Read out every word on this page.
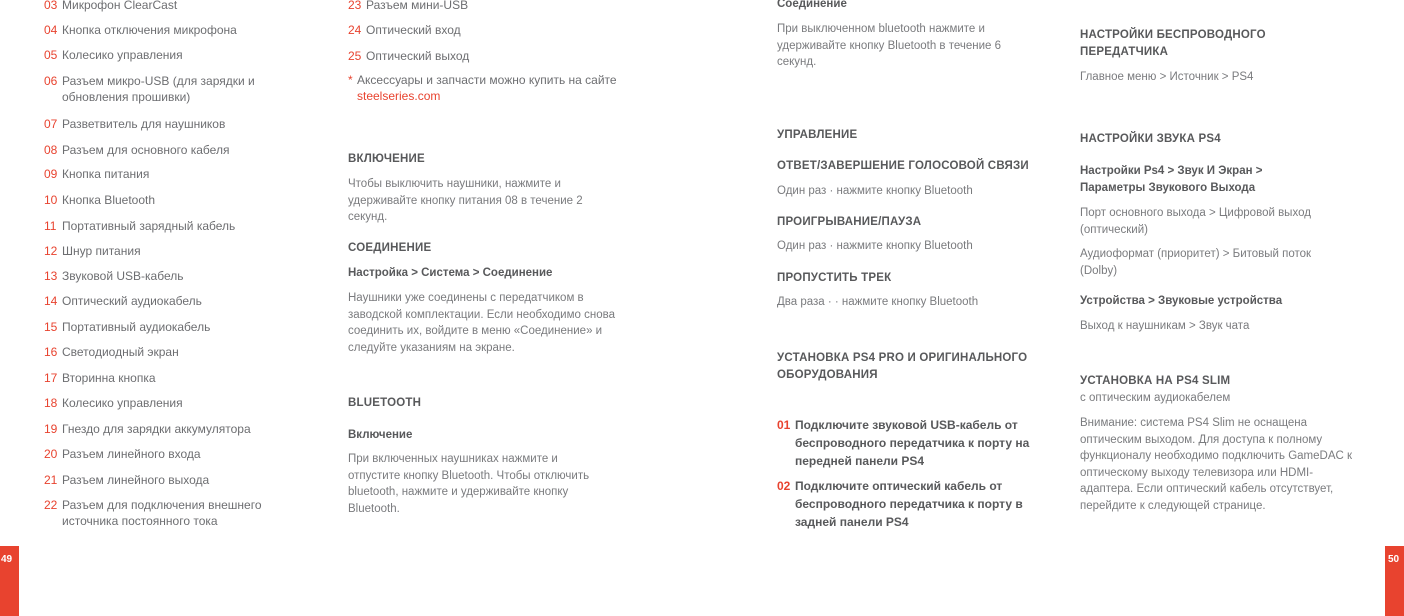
03 Микрофон ClearCast
04 Кнопка отключения микрофона
05 Колесико управления
06 Разъем микро-USB (для зарядки и обновления прошивки)
07 Разветвитель для наушников
08 Разъем для основного кабеля
09 Кнопка питания
10 Кнопка Bluetooth
11 Портативный зарядный кабель
12 Шнур питания
13 Звуковой USB-кабель
14 Оптический аудиокабель
15 Портативный аудиокабель
16 Светодиодный экран
17 Вторинна кнопка
18 Колесико управления
19 Гнездо для зарядки аккумулятора
20 Разъем линейного входа
21 Разъем линейного выхода
22 Разъем для подключения внешнего источника постоянного тока
23 Разъем мини-USB
24 Оптический вход
25 Оптический выход
* Аксессуары и запчасти можно купить на сайте
steelseries.com
ВКЛЮЧЕНИЕ
Чтобы выключить наушники, нажмите и удерживайте кнопку питания 08 в течение 2 секунд.
СОЕДИНЕНИЕ
Настройка > Система > Соединение
Наушники уже соединены с передатчиком в заводской комплектации. Если необходимо снова соединить их, войдите в меню «Соединение» и следуйте указаниям на экране.
BLUETOOTH
Включение
При включенных наушниках нажмите и отпустите кнопку Bluetooth. Чтобы отключить bluetooth, нажмите и удерживайте кнопку Bluetooth.
Соединение
При выключенном bluetooth нажмите и удерживайте кнопку Bluetooth в течение 6 секунд.
УПРАВЛЕНИЕ
ОТВЕТ/ЗАВЕРШЕНИЕ ГОЛОСОВОЙ СВЯЗИ
Один раз · нажмите кнопку Bluetooth
ПРОИГРЫВАНИЕ/ПАУЗА
Один раз · нажмите кнопку Bluetooth
ПРОПУСТИТЬ ТРЕК
Два раза · · нажмите кнопку Bluetooth
УСТАНОВКА PS4 PRO И ОРИГИНАЛЬНОГО ОБОРУДОВАНИЯ
01 Подключите звуковой USB-кабель от беспроводного передатчика к порту на передней панели PS4
02 Подключите оптический кабель от беспроводного передатчика к порту в задней панели PS4
НАСТРОЙКИ БЕСПРОВОДНОГО ПЕРЕДАТЧИКА
Главное меню > Источник > PS4
НАСТРОЙКИ ЗВУКА PS4
Настройки Ps4 > Звук И Экран > Параметры Звукового Выхода
Порт основного выхода > Цифровой выход (оптический)
Аудиоформат (приоритет) > Битовый поток (Dolby)
Устройства > Звуковые устройства
Выход к наушникам > Звук чата
УСТАНОВКА НА PS4 SLIM
с оптическим аудиокабелем
Внимание: система PS4 Slim не оснащена оптическим выходом. Для доступа к полному функционалу необходимо подключить GameDAC к оптическому выходу телевизора или HDMI-адаптера. Если оптический кабель отсутствует, перейдите к следующей странице.
49	50
